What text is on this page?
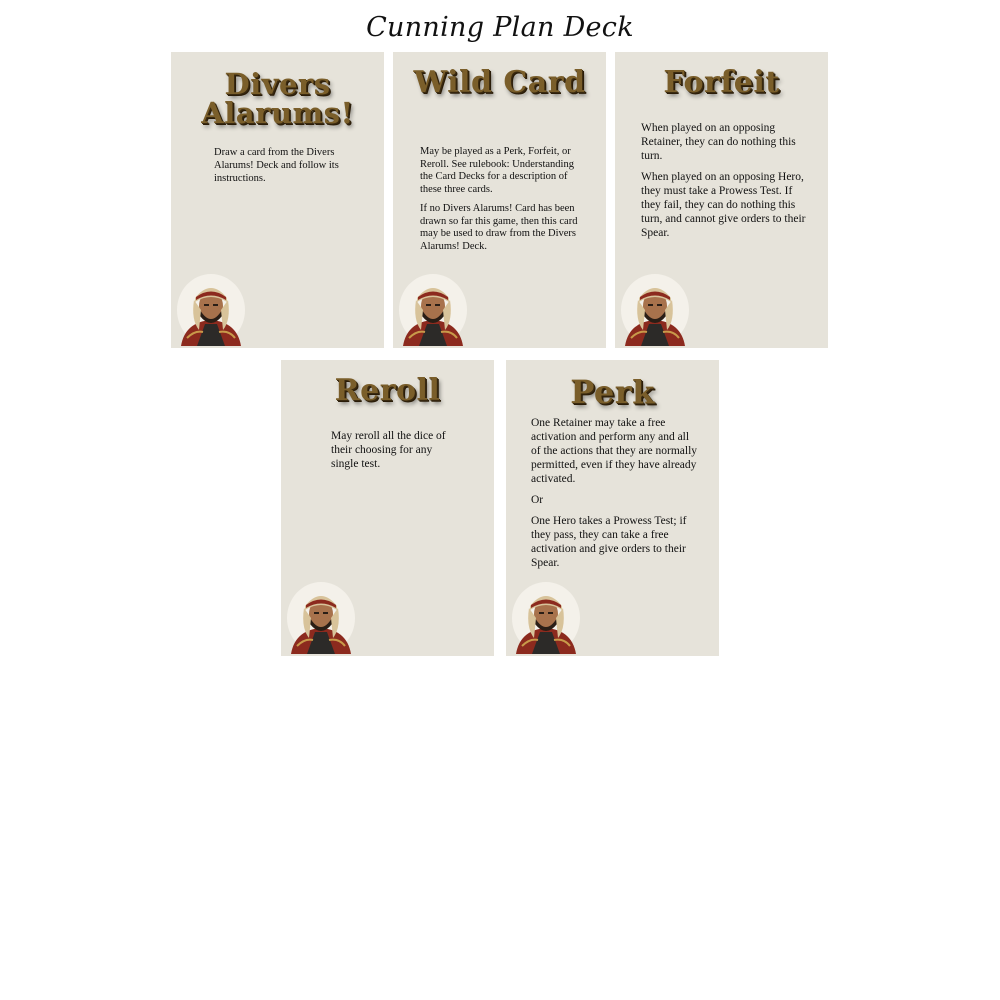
Cunning Plan Deck
Divers
Alarums!

Draw a card from the Divers Alarums! Deck and follow its instructions.

Wild Card

May be played as a Perk, Forfeit, or Reroll. See rulebook: Understanding the Card Decks for a description of these three cards.

If no Divers Alarums! Card has been drawn so far this game, then this card may be used to draw from the Divers Alarums! Deck.

Forfeit

When played on an opposing Retainer, they can do nothing this turn.

When played on an opposing Hero, they must take a Prowess Test. If they fail, they can do nothing this turn, and cannot give orders to their Spear.

Reroll

May reroll all the dice of their choosing for any single test.

Perk

One Retainer may take a free activation and perform any and all of the actions that they are normally permitted, even if they have already activated.

Or

One Hero takes a Prowess Test; if they pass, they can take a free activation and give orders to their Spear.
